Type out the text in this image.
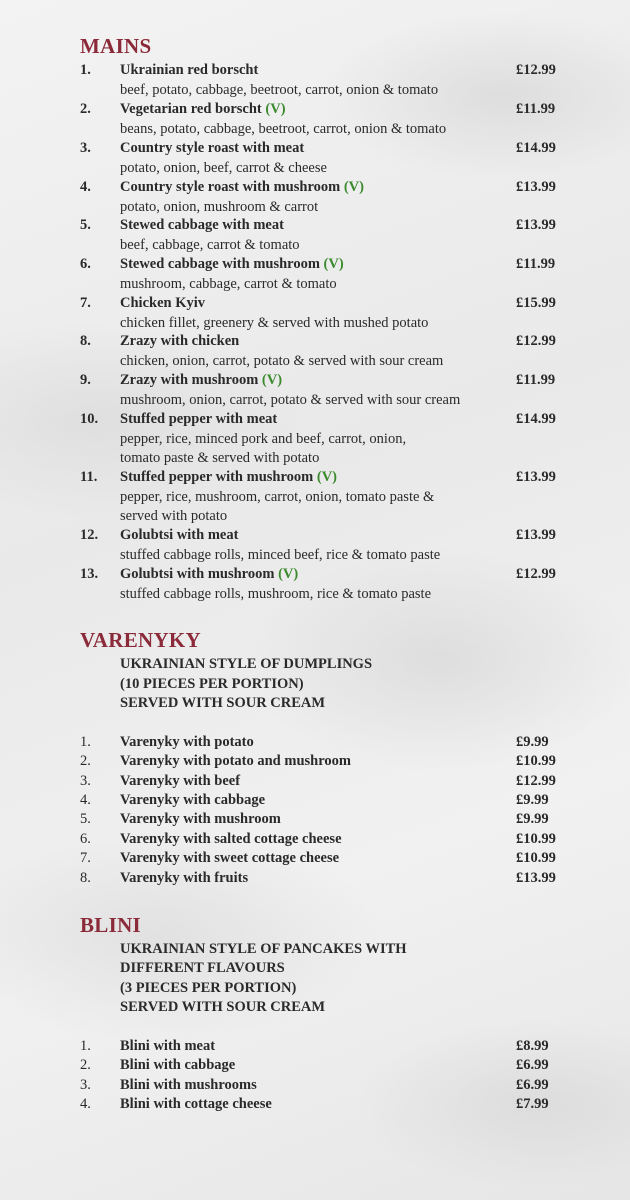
MAINS
1. Ukrainian red borscht	£12.99
beef, potato, cabbage, beetroot, carrot, onion & tomato
2. Vegetarian red borscht (V)	£11.99
beans, potato, cabbage, beetroot, carrot, onion & tomato
3. Country style roast with meat	£14.99
potato, onion, beef, carrot & cheese
4. Country style roast with mushroom (V)	£13.99
potato, onion, mushroom & carrot
5. Stewed cabbage with meat	£13.99
beef, cabbage, carrot & tomato
6. Stewed cabbage with mushroom (V)	£11.99
mushroom, cabbage, carrot & tomato
7. Chicken Kyiv	£15.99
chicken fillet, greenery & served with mushed potato
8. Zrazy with chicken	£12.99
chicken, onion, carrot, potato & served with sour cream
9. Zrazy with mushroom (V)	£11.99
mushroom, onion, carrot, potato & served with sour cream
10. Stuffed pepper with meat	£14.99
pepper, rice, minced pork and beef, carrot, onion,
tomato paste & served with potato
11. Stuffed pepper with mushroom (V)	£13.99
pepper, rice, mushroom, carrot, onion, tomato paste &
served with potato
12. Golubtsi with meat	£13.99
stuffed cabbage rolls, minced beef, rice & tomato paste
13. Golubtsi with mushroom (V)	£12.99
stuffed cabbage rolls, mushroom, rice & tomato paste
VARENYKY
UKRAINIAN STYLE OF DUMPLINGS
(10 PIECES PER PORTION)
SERVED WITH SOUR CREAM
1. Varenyky with potato	£9.99
2. Varenyky with potato and mushroom	£10.99
3. Varenyky with beef	£12.99
4. Varenyky with cabbage	£9.99
5. Varenyky with mushroom	£9.99
6. Varenyky with salted cottage cheese	£10.99
7. Varenyky with sweet cottage cheese	£10.99
8. Varenyky with fruits	£13.99
BLINI
UKRAINIAN STYLE OF PANCAKES WITH
DIFFERENT FLAVOURS
(3 PIECES PER PORTION)
SERVED WITH SOUR CREAM
1. Blini with meat	£8.99
2. Blini with cabbage	£6.99
3. Blini with mushrooms	£6.99
4. Blini with cottage cheese	£7.99
